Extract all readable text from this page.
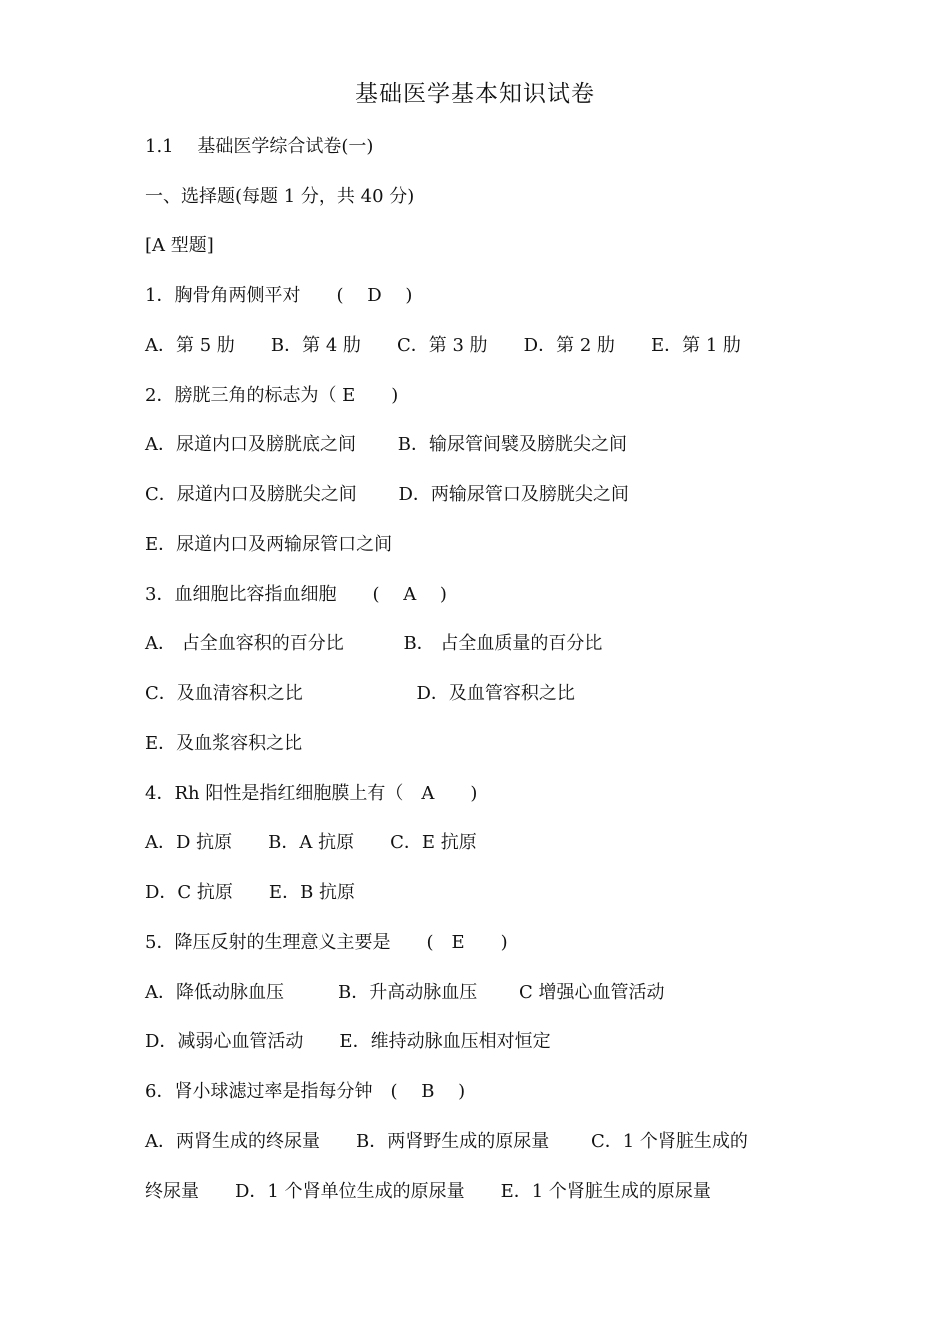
基础医学基本知识试卷
1.1　 基础医学综合试卷(一)
一、选择题(每题 1 分，共 40 分)
[A 型题]
1．胸骨角两侧平对　　(　 D　 )
A．第 5 肋　　B．第 4 肋　　C．第 3 肋　　D．第 2 肋　　E．第 1 肋
2．膀胱三角的标志为（ E　　)
A．尿道内口及膀胱底之间　　 B．输尿管间襞及膀胱尖之间
C．尿道内口及膀胱尖之间　　 D．两输尿管口及膀胱尖之间
E．尿道内口及两输尿管口之间
3．血细胞比容指血细胞　　(　 A　 )
A． 占全血容积的百分比　　　 B． 占全血质量的百分比
C．及血清容积之比　　　　　　 D．及血管容积之比
E．及血浆容积之比
4．Rh 阳性是指红细胞膜上有（　A　　)
A．D 抗原　　B．A 抗原　　C．E 抗原
D．C 抗原　　E．B 抗原
5．降压反射的生理意义主要是　　(　E　　)
A．降低动脉血压　　　B．升高动脉血压　　 C 增强心血管活动
D．减弱心血管活动　　E．维持动脉血压相对恒定
6．肾小球滤过率是指每分钟　(　 B　 )
A．两肾生成的终尿量　　B．两肾野生成的原尿量　　 C．1 个肾脏生成的
终尿量　　D．1 个肾单位生成的原尿量　　E．1 个肾脏生成的原尿量
